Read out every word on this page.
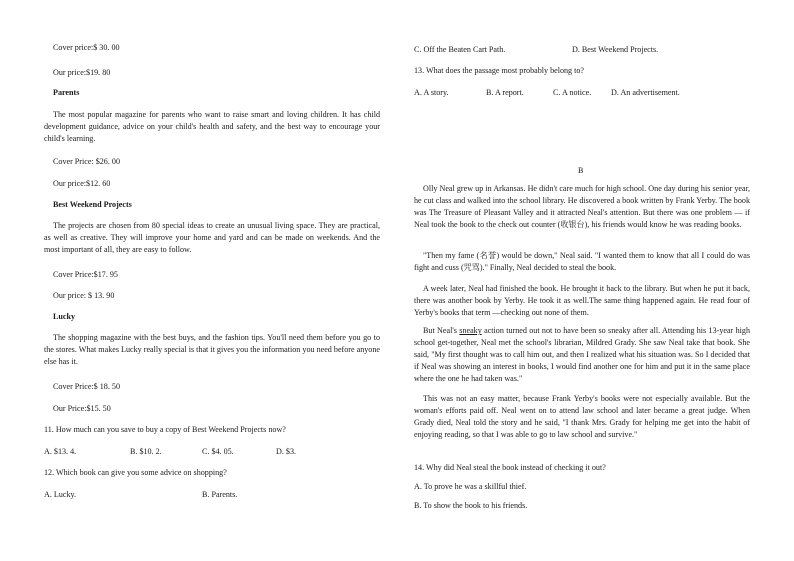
Cover price:$ 30. 00
Our price:$19. 80
Parents
The most popular magazine for parents who want to raise smart and loving children. It has child development guidance, advice on your child's health and safety, and the best way to encourage your child's learning.
Cover Price: $26. 00
Our price:$12. 60
Best Weekend Projects
The projects are chosen from 80 special ideas to create an unusual living space. They are practical, as well as creative. They will improve your home and yard and can be made on weekends. And the most important of all, they are easy to follow.
Cover Price:$17. 95
Our price: $ 13. 90
Lucky
The shopping magazine with the best buys, and the fashion tips. You'll need them before you go to the stores. What makes Lucky really special is that it gives you the information you need before anyone else has it.
Cover Price:$ 18. 50
Our Price:$15. 50
11. How much can you save to buy a copy of Best Weekend Projects now?
A. $13. 4.	B. $10. 2.	C. $4. 05.	D. $3.
12. Which book can give you some advice on shopping?
A. Lucky.	B. Parents.
C. Off the Beaten Cart Path.	D. Best Weekend Projects.
13. What does the passage most probably belong to?
A. A story.	B. A report.	C. A notice. D. An advertisement.
B
Olly Neal grew up in Arkansas. He didn't care much for high school. One day during his senior year, he cut class and walked into the school library. He discovered a book written by Frank Yerby. The book was The Treasure of Pleasant Valley and it attracted Neal's attention. But there was one problem — if Neal took the book to the check out counter (收银台), his friends would know he was reading books.
"Then my fame (名誉) would be down," Neal said. "I wanted them to know that all I could do was fight and cuss (咒骂)." Finally, Neal decided to steal the book.
A week later, Neal had finished the book. He brought it back to the library. But when he put it back, there was another book by Yerby. He took it as well.The same thing happened again. He read four of Yerby's books that term —checking out none of them.
But Neal's sneaky action turned out not to have been so sneaky after all. Attending his 13-year high school get-together, Neal met the school's librarian, Mildred Grady. She saw Neal take that book. She said, "My first thought was to call him out, and then I realized what his situation was. So I decided that if Neal was showing an interest in books, I would find another one for him and put it in the same place where the one he had taken was."
This was not an easy matter, because Frank Yerby's books were not especially available. But the woman's efforts paid off. Neal went on to attend law school and later became a great judge. When Grady died, Neal told the story and he said, "I thank Mrs. Grady for helping me get into the habit of enjoying reading, so that I was able to go to law school and survive."
14. Why did Neal steal the book instead of checking it out?
A. To prove he was a skillful thief.
B. To show the book to his friends.
